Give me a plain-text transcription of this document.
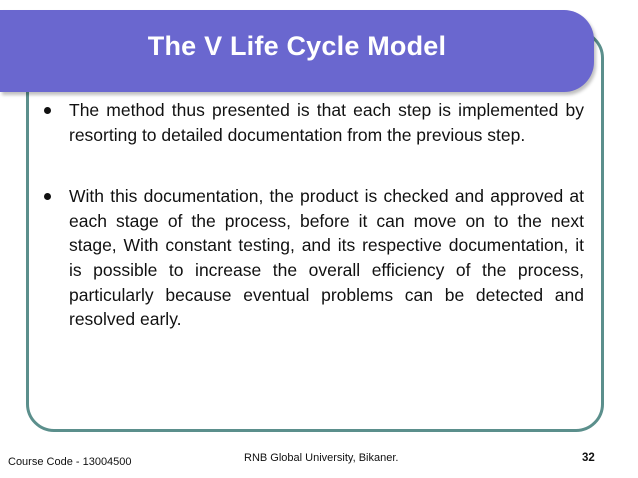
The V Life Cycle Model

The method thus presented is that each step is implemented by resorting to detailed documentation from the previous step.

With this documentation, the product is checked and approved at each stage of the process, before it can move on to the next stage, With constant testing, and its respective documentation, it is possible to increase the overall efficiency of the process, particularly because eventual problems can be detected and resolved early.

Course Code - 13004500	RNB Global University, Bikaner.	32
